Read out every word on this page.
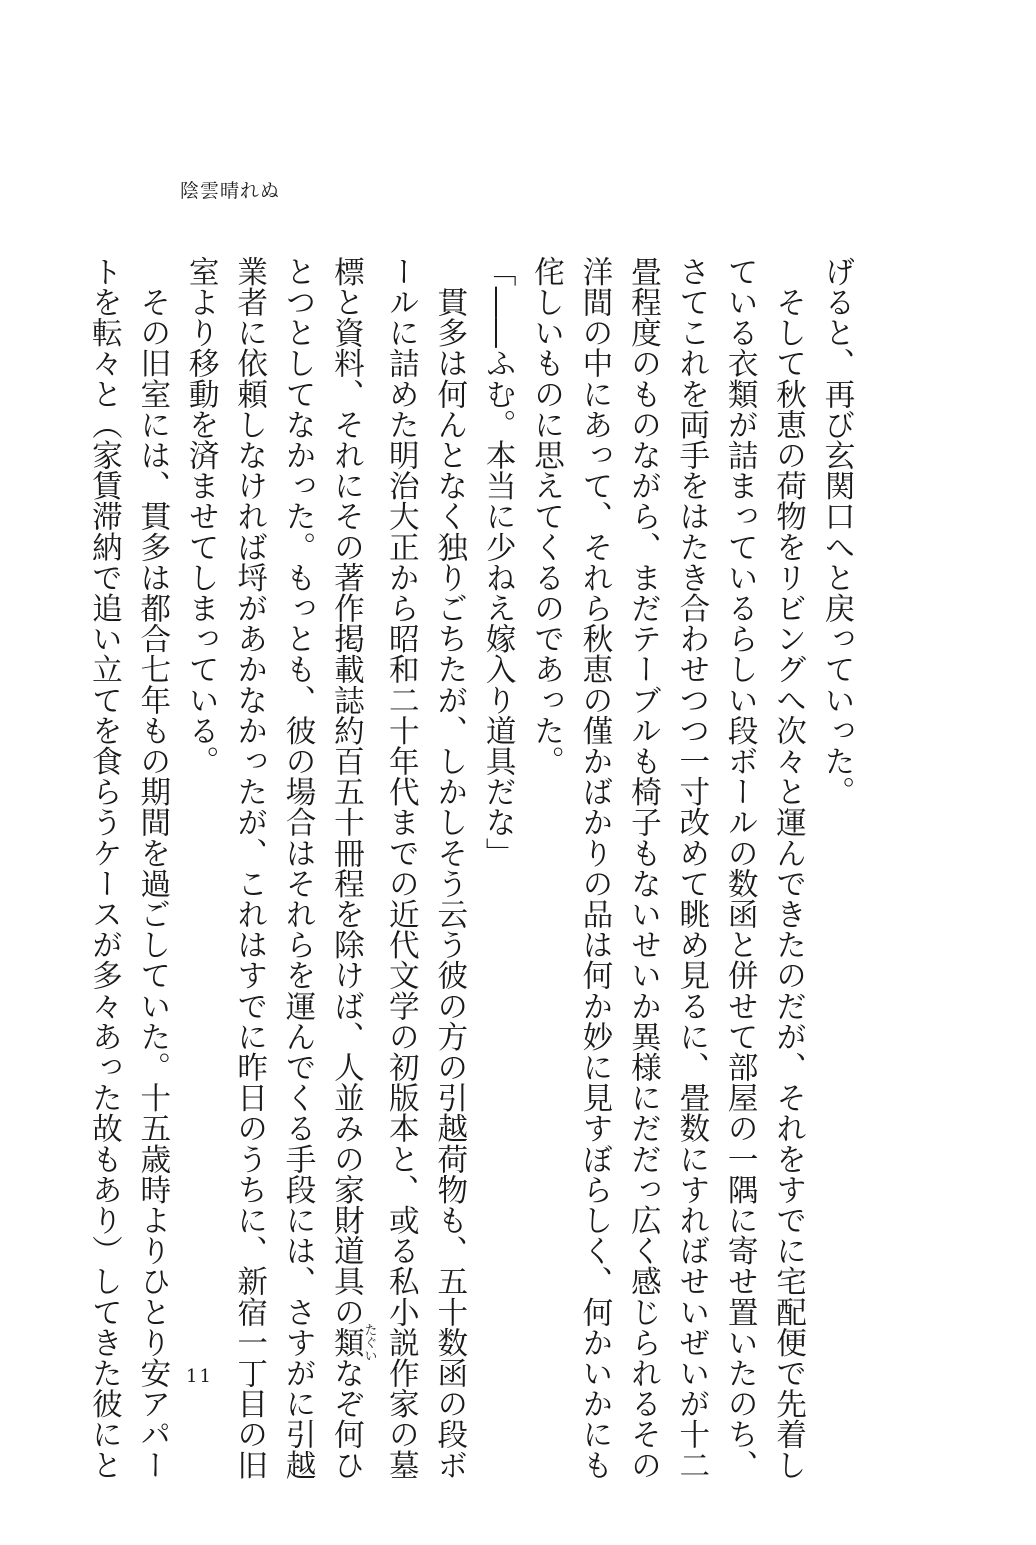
陰雲晴れぬ
げると、再び玄関口へと戻っていった。
　そして秋恵の荷物をリビングへ次々と運んできたのだが、それをすでに宅配便で先着し
ている衣類が詰まっているらしい段ボールの数函と併せて部屋の一隅に寄せ置いたのち、
さてこれを両手をはたき合わせつつ一寸改めて眺め見るに、畳数にすればせいぜいが十二
畳程度のものながら、まだテーブルも椅子もないせいか異様にだだっ広く感じられるその
洋間の中にあって、それら秋恵の僅かばかりの品は何か妙に見すぼらしく、何かいかにも
侘しいものに思えてくるのであった。
「――ふむ。本当に少ねえ嫁入り道具だな」
　貫多は何んとなく独りごちたが、しかしそう云う彼の方の引越荷物も、五十数函の段ボ
ールに詰めた明治大正から昭和二十年代までの近代文学の初版本と、或る私小説作家の墓
標と資料、それにその著作掲載誌約百五十冊程を除けば、人並みの家財道具の類たぐいなぞ何ひ
とつとしてなかった。もっとも、彼の場合はそれらを運んでくる手段には、さすがに引越
業者に依頼しなければ埒があかなかったが、これはすでに昨日のうちに、新宿一丁目の旧
室より移動を済ませてしまっている。
　その旧室には、貫多は都合七年もの期間を過ごしていた。十五歳時よりひとり安アパー
トを転々と（家賃滞納で追い立てを食らうケースが多々あった故もあり）してきた彼にと	11
